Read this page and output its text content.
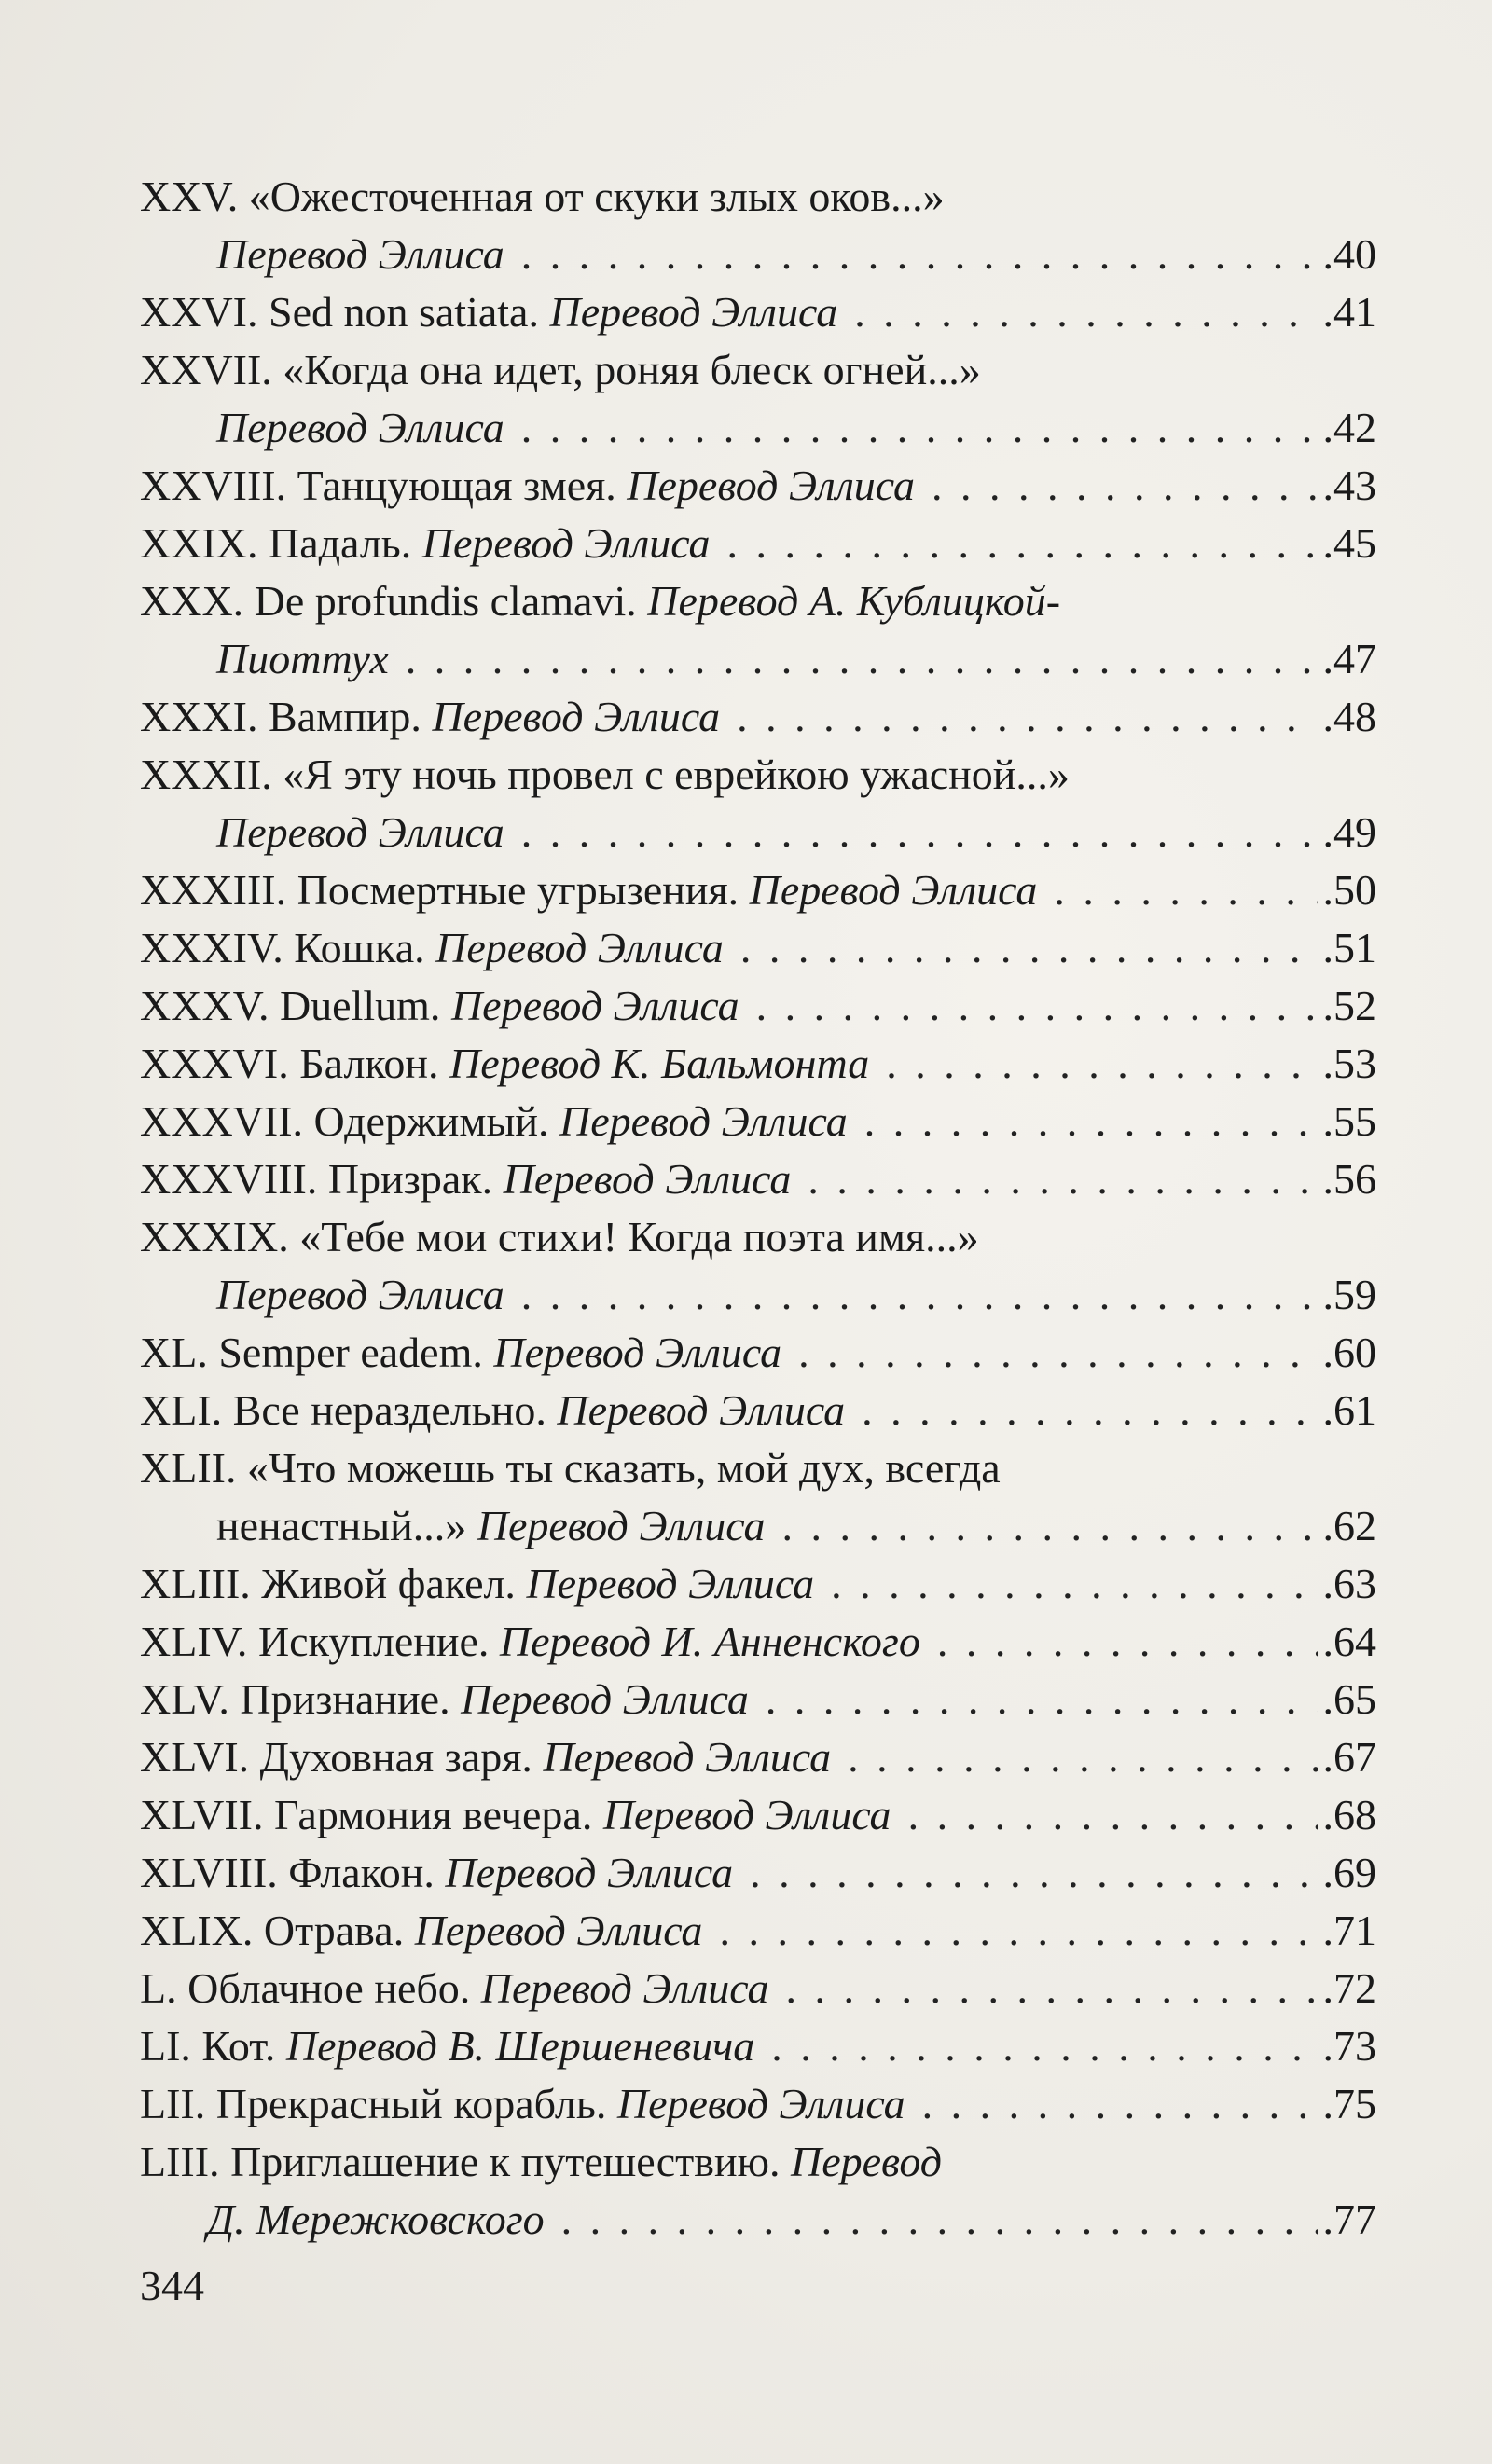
XXV. «Ожесточенная от скуки злых оков...»
Перевод Эллиса . . .	.40
XXVI. Sed non satiata. Перевод Эллиса . . .	.41
XXVII. «Когда она идет, роняя блеск огней...»
Перевод Эллиса . . .	.42
XXVIII. Танцующая змея. Перевод Эллиса . . .	.43
XXIX. Падаль. Перевод Эллиса . . .	.45
XXX. De profundis clamavi. Перевод А. Кублицкой-
Пиоттух . . .	.47
XXXI. Вампир. Перевод Эллиса . . .	.48
XXXII. «Я эту ночь провел с еврейкою ужасной...»
Перевод Эллиса . . .	.49
XXXIII. Посмертные угрызения. Перевод Эллиса . . .	.50
XXXIV. Кошка. Перевод Эллиса . . .	.51
XXXV. Duellum. Перевод Эллиса . . .	.52
XXXVI. Балкон. Перевод К. Бальмонта . . .	.53
XXXVII. Одержимый. Перевод Эллиса . . .	.55
XXXVIII. Призрак. Перевод Эллиса . . .	.56
XXXIX. «Тебе мои стихи! Когда поэта имя...»
Перевод Эллиса . . .	.59
XL. Semper eadem. Перевод Эллиса . . .	.60
XLI. Все нераздельно. Перевод Эллиса . . .	.61
XLII. «Что можешь ты сказать, мой дух, всегда
ненастный...» Перевод Эллиса . . .	.62
XLIII. Живой факел. Перевод Эллиса . . .	.63
XLIV. Искупление. Перевод И. Анненского . . .	.64
XLV. Признание. Перевод Эллиса . . .	.65
XLVI. Духовная заря. Перевод Эллиса . . .	.67
XLVII. Гармония вечера. Перевод Эллиса . . .	.68
XLVIII. Флакон. Перевод Эллиса . . .	.69
XLIX. Отрава. Перевод Эллиса . . .	.71
L. Облачное небо. Перевод Эллиса . . .	.72
LI. Кот. Перевод В. Шершеневича . . .	.73
LII. Прекрасный корабль. Перевод Эллиса . . .	.75
LIII. Приглашение к путешествию. Перевод
Д. Мережковского . . .	.77
344
